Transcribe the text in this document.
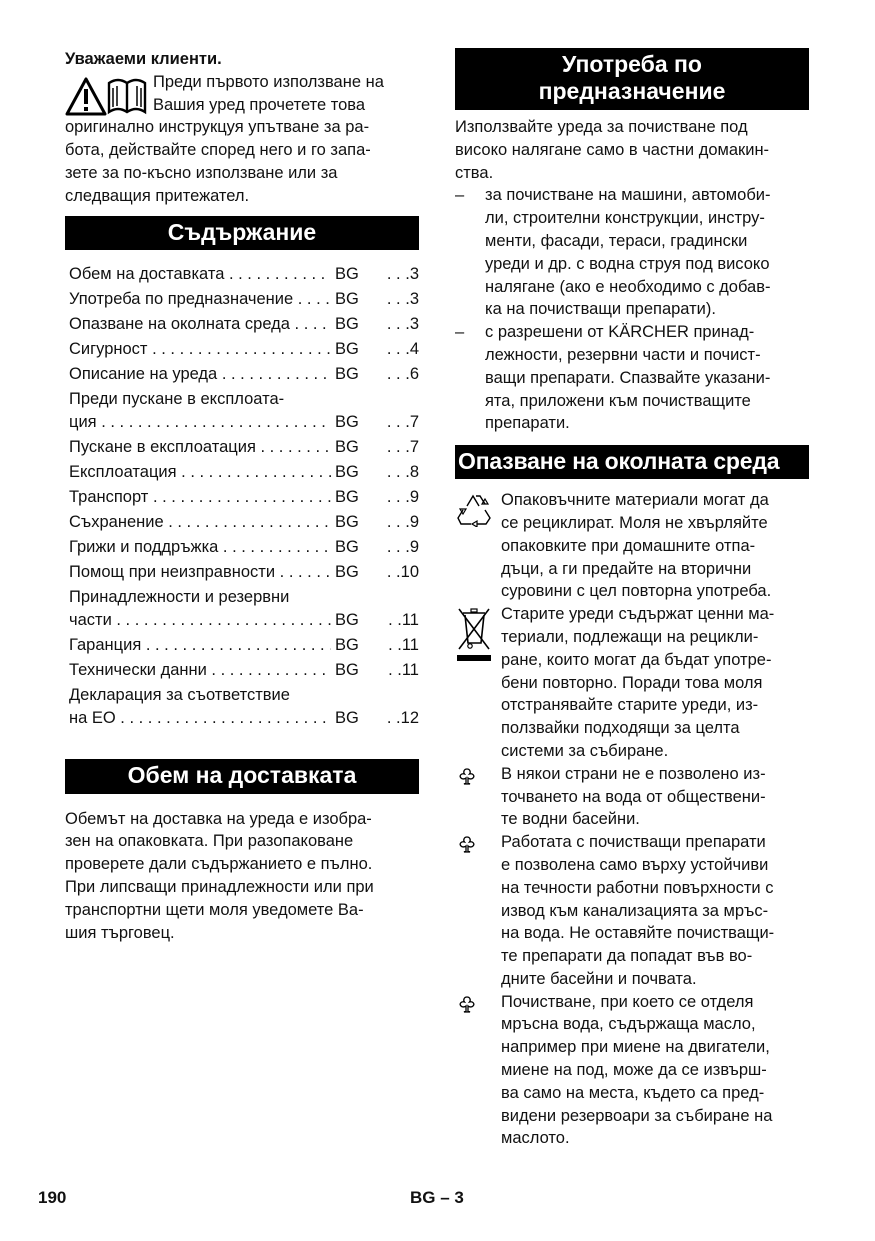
Уважаеми клиенти.

Преди първото използване на

Вашия уред прочетете това

оригинално инструкцуя упътване за ра-

бота, действайте според него и го запа-

зете за по-късно използване или за

следващия притежател.

Съдържание
Обем на доставката . . .	BG	. . . 3
Употреба по предназначение . . .	BG	. . . 3
Опазване на околната среда . . .	BG	. . . 3
Сигурност . . .	BG	. . . 4
Описание на уреда . . .	BG	. . . 6
Преди пускане в експлоата-
ция . . .	BG	. . . 7
Пускане в експлоатация . . .	BG	. . . 7
Експлоатация . . .	BG	. . . 8
Транспорт . . .	BG	. . . 9
Съхранение . . .	BG	. . . 9
Грижи и поддръжка . . .	BG	. . . 9
Помощ при неизправности . . .	BG	. . 10
Принадлежности и резервни
части . . .	BG	. . 11
Гаранция . . .	BG	. . 11
Технически данни . . .	BG	. . 11
Декларация за съответствие
на ЕО . . .	BG	. . 12
Обем на доставката

Обемът на доставка на уреда е изобра-

зен на опаковката. При разопаковане

проверете дали съдържанието е пълно.

При липсващи принадлежности или при

транспортни щети моля уведомете Ва-

шия търговец.

Употреба по
предназначение

Използвайте уреда за почистване под

високо налягане само в частни домакин-

ства.

–	за почистване на машини, автомоби-

ли, строителни конструкции, инстру-

менти, фасади, тераси, градински

уреди и др. с водна струя под високо

налягане (ако е необходимо с добав-

ка на почистващи препарати).

–	с разрешени от KÄRCHER принад-

лежности, резервни части и почист-

ващи препарати. Спазвайте указани-

ята, приложени към почистващите

препарати.

Опазване на околната среда

Опаковъчните материали могат да

се рециклират. Моля не хвърляйте

опаковките при домашните отпа-

дъци, а ги предайте на вторични

суровини с цел повторна употреба.

Старите уреди съдържат ценни ма-

териали, подлежащи на рецикли-

ране, които могат да бъдат употре-

бени повторно. Поради това моля

отстранявайте старите уреди, из-

ползвайки подходящи за целта

системи за събиране.

В някои страни не е позволено из-

точването на вода от обществени-

те водни басейни.

Работата с почистващи препарати

е позволена само върху устойчиви

на течности работни повърхности с

извод към канализацията за мръс-

на вода. Не оставяйте почистващи-

те препарати да попадат във во-

дните басейни и почвата.

Почистване, при което се отделя

мръсна вода, съдържаща масло,

например при миене на двигатели,

миене на под, може да се извърш-

ва само на места, където са пред-

видени резервоари за събиране на

маслото.

190	BG – 3
